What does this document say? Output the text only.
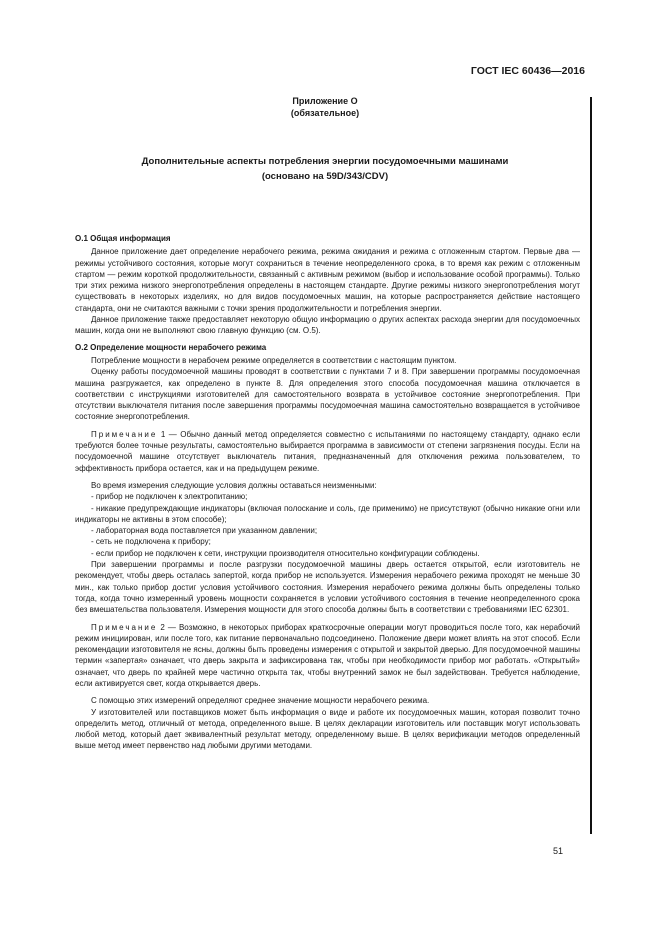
ГОСТ IEC 60436—2016
Приложение О
(обязательное)
Дополнительные аспекты потребления энергии посудомоечными машинами
(основано на 59D/343/CDV)
О.1 Общая информация

Данное приложение дает определение нерабочего режима, режима ожидания и режима с отложенным стартом. Первые два — режимы устойчивого состояния, которые могут сохраниться в течение неопределенного срока, в то время как режим с отложенным стартом — режим короткой продолжительности, связанный с активным режимом (выбор и использование особой программы). Только три этих режима низкого энергопотребления определены в настоящем стандарте. Другие режимы низкого энергопотребления могут существовать в некоторых изделиях, но для видов посудомоечных машин, на которые распространяется действие настоящего стандарта, они не считаются важными с точки зрения продолжительности и потребления энергии.

Данное приложение также предоставляет некоторую общую информацию о других аспектах расхода энергии для посудомоечных машин, когда они не выполняют свою главную функцию (см. О.5).

О.2 Определение мощности нерабочего режима

Потребление мощности в нерабочем режиме определяется в соответствии с настоящим пунктом.

Оценку работы посудомоечной машины проводят в соответствии с пунктами 7 и 8. При завершении программы посудомоечная машина разгружается, как определено в пункте 8. Для определения этого способа посудомоечная машина отключается в соответствии с инструкциями изготовителей для самостоятельного возврата в устойчивое состояние энергопотребления. При отсутствии выключателя питания после завершения программы посудомоечная машина самостоятельно возвращается в устойчивое состояние энергопотребления.

Примечание 1 — Обычно данный метод определяется совместно с испытаниями по настоящему стандарту, однако если требуются более точные результаты, самостоятельно выбирается программа в зависимости от степени загрязнения посуды. Если на посудомоечной машине отсутствует выключатель питания, предназначенный для отключения режима пользователем, то эффективность прибора остается, как и на предыдущем режиме.

Во время измерения следующие условия должны оставаться неизменными:

- прибор не подключен к электропитанию;

- никакие предупреждающие индикаторы (включая полоскание и соль, где применимо) не присутствуют (обычно никакие огни или индикаторы не активны в этом способе);

- лабораторная вода поставляется при указанном давлении;

- сеть не подключена к прибору;

- если прибор не подключен к сети, инструкции производителя относительно конфигурации соблюдены.

При завершении программы и после разгрузки посудомоечной машины дверь остается открытой, если изготовитель не рекомендует, чтобы дверь осталась запертой, когда прибор не используется. Измерения нерабочего режима проходят не меньше 30 мин., как только прибор достиг условия устойчивого состояния. Измерения нерабочего режима должны быть определены только тогда, когда точно измеренный уровень мощности сохраняется в условии устойчивого состояния в течение неопределенного срока без вмешательства пользователя. Измерения мощности для этого способа должны быть в соответствии с требованиями IEC 62301.

Примечание 2 — Возможно, в некоторых приборах краткосрочные операции могут проводиться после того, как нерабочий режим инициирован, или после того, как питание первоначально подсоединено. Положение двери может влиять на этот способ. Если рекомендации изготовителя не ясны, должны быть проведены измерения с открытой и закрытой дверью. Для посудомоечной машины термин «запертая» означает, что дверь закрыта и зафиксирована так, чтобы при необходимости прибор мог работать. «Открытый» означает, что дверь по крайней мере частично открыта так, чтобы внутренний замок не был задействован. Требуется наблюдение, если активируется свет, когда открывается дверь.

С помощью этих измерений определяют среднее значение мощности нерабочего режима.

У изготовителей или поставщиков может быть информация о виде и работе их посудомоечных машин, которая позволит точно определить метод, отличный от метода, определенного выше. В целях декларации изготовитель или поставщик могут использовать любой метод, который дает эквивалентный результат методу, определенному выше. В целях верификации методов определенный выше метод имеет первенство над любыми другими методами.

51
